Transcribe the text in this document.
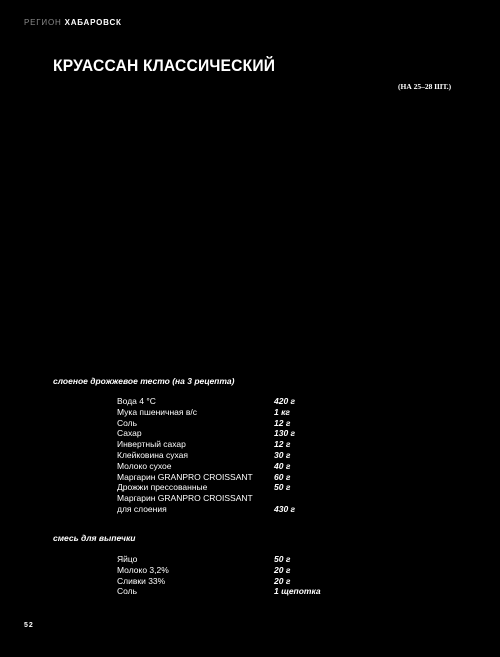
РЕГИОН ХАБАРОВСК
КРУАССАН КЛАССИЧЕСКИЙ
(НА 25–28 ШТ.)
слоеное дрожжевое тесто (на 3 рецепта)
Вода 4 °С	420 г
Мука пшеничная в/с	1 кг
Соль	12 г
Сахар	130 г
Инвертный сахар	12 г
Клейковина сухая	30 г
Молоко сухое	40 г
Маргарин GRANPRO CROISSANT	60 г
Дрожжи прессованные	50 г
Маргарин GRANPRO CROISSANT
для слоения	430 г
смесь для выпечки
Яйцо	50 г
Молоко 3,2%	20 г
Сливки 33%	20 г
Соль	1 щепотка
52
